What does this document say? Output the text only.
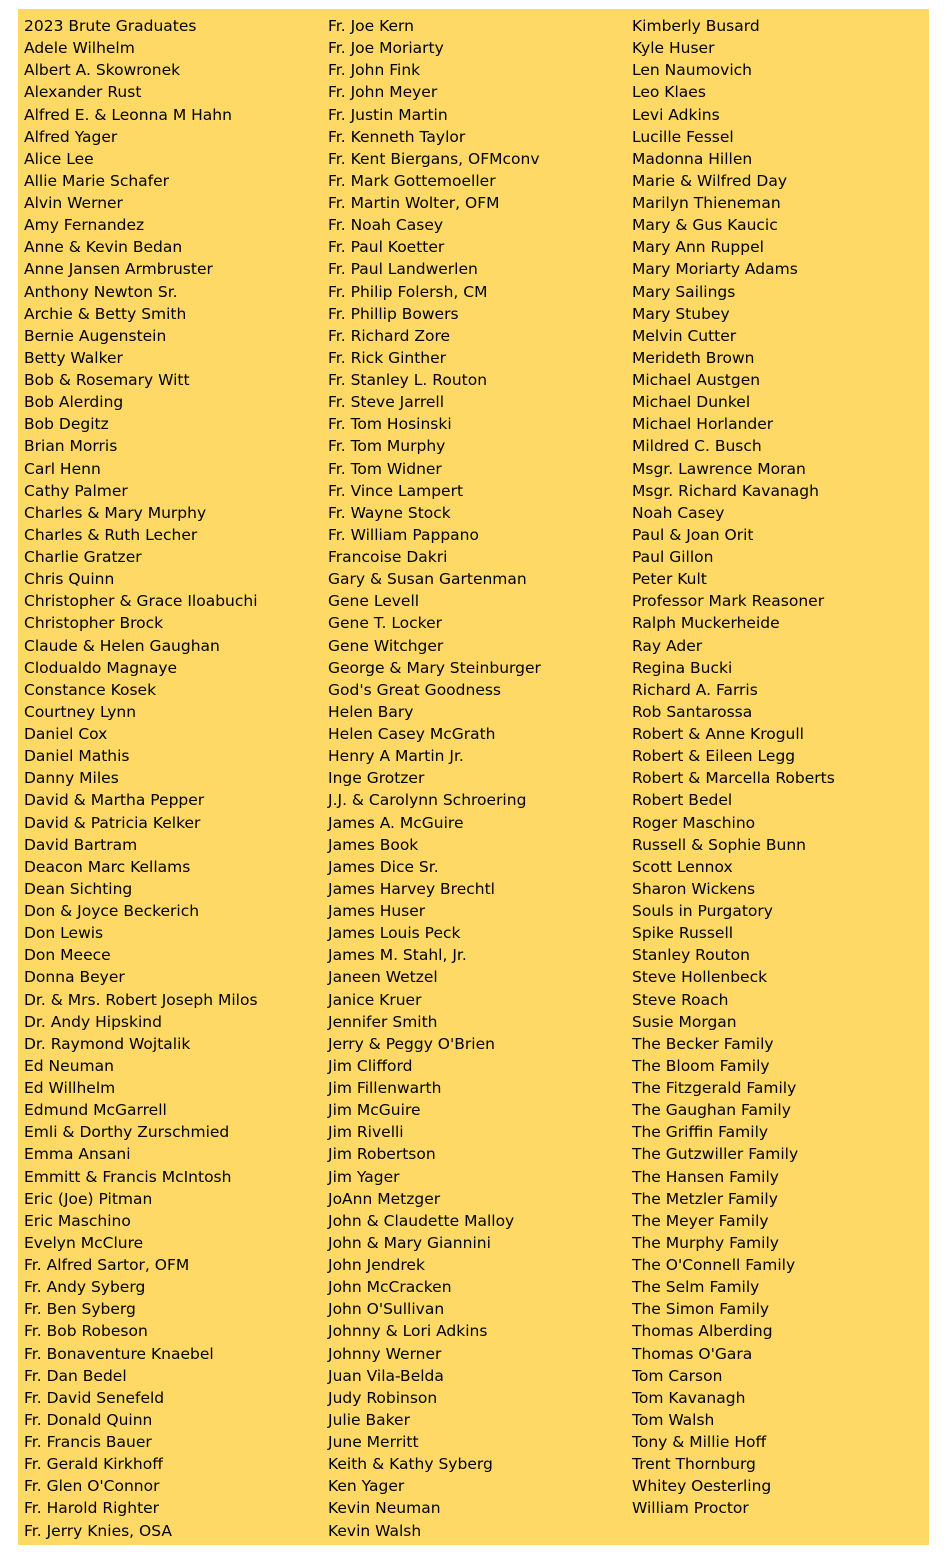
2023 Brute Graduates
Adele Wilhelm
Albert A. Skowronek
Alexander Rust
Alfred E. & Leonna M Hahn
Alfred Yager
Alice Lee
Allie Marie Schafer
Alvin Werner
Amy Fernandez
Anne & Kevin Bedan
Anne Jansen Armbruster
Anthony Newton Sr.
Archie & Betty Smith
Bernie Augenstein
Betty Walker
Bob & Rosemary Witt
Bob Alerding
Bob Degitz
Brian Morris
Carl Henn
Cathy Palmer
Charles & Mary Murphy
Charles & Ruth Lecher
Charlie Gratzer
Chris Quinn
Christopher & Grace Iloabuchi
Christopher Brock
Claude & Helen Gaughan
Clodualdo Magnaye
Constance Kosek
Courtney Lynn
Daniel Cox
Daniel Mathis
Danny Miles
David & Martha Pepper
David & Patricia Kelker
David Bartram
Deacon Marc Kellams
Dean Sichting
Don & Joyce Beckerich
Don Lewis
Don Meece
Donna Beyer
Dr. & Mrs. Robert Joseph Milos
Dr. Andy Hipskind
Dr. Raymond Wojtalik
Ed Neuman
Ed Willhelm
Edmund McGarrell
Emli & Dorthy Zurschmied
Emma Ansani
Emmitt & Francis McIntosh
Eric (Joe) Pitman
Eric Maschino
Evelyn McClure
Fr. Alfred Sartor, OFM
Fr. Andy Syberg
Fr. Ben Syberg
Fr. Bob Robeson
Fr. Bonaventure Knaebel
Fr. Dan Bedel
Fr. David Senefeld
Fr. Donald Quinn
Fr. Francis Bauer
Fr. Gerald Kirkhoff
Fr. Glen O'Connor
Fr. Harold Righter
Fr. Jerry Knies, OSA
Fr. Joe Kern
Fr. Joe Moriarty
Fr. John Fink
Fr. John Meyer
Fr. Justin Martin
Fr. Kenneth Taylor
Fr. Kent Biergans, OFMconv
Fr. Mark Gottemoeller
Fr. Martin Wolter, OFM
Fr. Noah Casey
Fr. Paul Koetter
Fr. Paul Landwerlen
Fr. Philip Folersh, CM
Fr. Phillip Bowers
Fr. Richard Zore
Fr. Rick Ginther
Fr. Stanley L. Routon
Fr. Steve Jarrell
Fr. Tom Hosinski
Fr. Tom Murphy
Fr. Tom Widner
Fr. Vince Lampert
Fr. Wayne Stock
Fr. William Pappano
Francoise Dakri
Gary & Susan Gartenman
Gene Levell
Gene T. Locker
Gene Witchger
George & Mary Steinburger
God's Great Goodness
Helen Bary
Helen Casey McGrath
Henry A Martin Jr.
Inge Grotzer
J.J. & Carolynn Schroering
James A. McGuire
James Book
James Dice Sr.
James Harvey Brechtl
James Huser
James Louis Peck
James M. Stahl, Jr.
Janeen Wetzel
Janice Kruer
Jennifer Smith
Jerry & Peggy O'Brien
Jim Clifford
Jim Fillenwarth
Jim McGuire
Jim Rivelli
Jim Robertson
Jim Yager
JoAnn Metzger
John & Claudette Malloy
John & Mary Giannini
John Jendrek
John McCracken
John O'Sullivan
Johnny & Lori Adkins
Johnny Werner
Juan Vila-Belda
Judy Robinson
Julie Baker
June Merritt
Keith & Kathy Syberg
Ken Yager
Kevin Neuman
Kevin Walsh
Kimberly Busard
Kyle Huser
Len Naumovich
Leo Klaes
Levi Adkins
Lucille Fessel
Madonna Hillen
Marie & Wilfred Day
Marilyn Thieneman
Mary & Gus Kaucic
Mary Ann Ruppel
Mary Moriarty Adams
Mary Sailings
Mary Stubey
Melvin Cutter
Merideth Brown
Michael Austgen
Michael Dunkel
Michael Horlander
Mildred C. Busch
Msgr. Lawrence Moran
Msgr. Richard Kavanagh
Noah Casey
Paul & Joan Orit
Paul Gillon
Peter Kult
Professor Mark Reasoner
Ralph Muckerheide
Ray Ader
Regina Bucki
Richard A. Farris
Rob Santarossa
Robert & Anne Krogull
Robert & Eileen Legg
Robert & Marcella Roberts
Robert Bedel
Roger Maschino
Russell & Sophie Bunn
Scott Lennox
Sharon Wickens
Souls in Purgatory
Spike Russell
Stanley Routon
Steve Hollenbeck
Steve Roach
Susie Morgan
The Becker Family
The Bloom Family
The Fitzgerald Family
The Gaughan Family
The Griffin Family
The Gutzwiller Family
The Hansen Family
The Metzler Family
The Meyer Family
The Murphy Family
The O'Connell Family
The Selm Family
The Simon Family
Thomas Alberding
Thomas O'Gara
Tom Carson
Tom Kavanagh
Tom Walsh
Tony & Millie Hoff
Trent Thornburg
Whitey Oesterling
William Proctor
